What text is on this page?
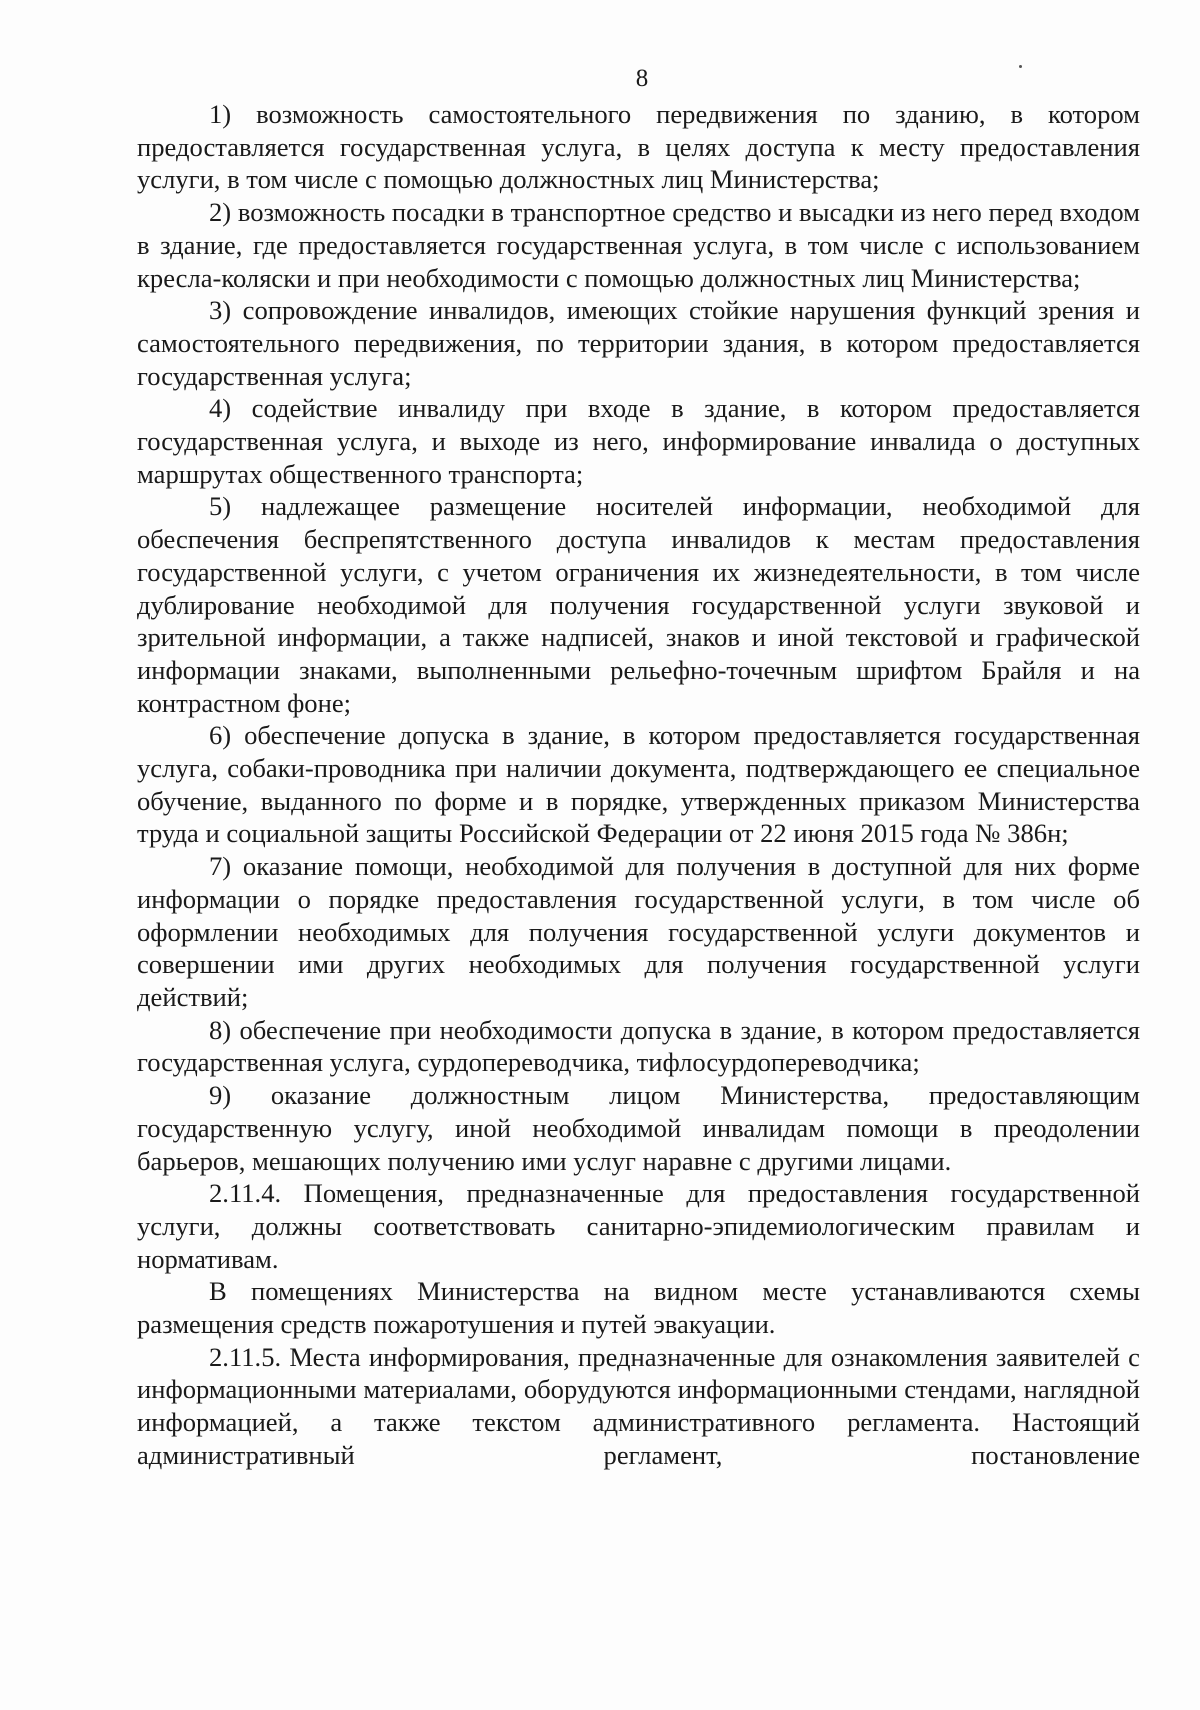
8

1) возможность самостоятельного передвижения по зданию, в котором предоставляется государственная услуга, в целях доступа к месту предоставления услуги, в том числе с помощью должностных лиц Министерства;

2) возможность посадки в транспортное средство и высадки из него перед входом в здание, где предоставляется государственная услуга, в том числе с использованием кресла-коляски и при необходимости с помощью должностных лиц Министерства;

3) сопровождение инвалидов, имеющих стойкие нарушения функций зрения и самостоятельного передвижения, по территории здания, в котором предоставляется государственная услуга;

4) содействие инвалиду при входе в здание, в котором предоставляется государственная услуга, и выходе из него, информирование инвалида о доступных маршрутах общественного транспорта;

5) надлежащее размещение носителей информации, необходимой для обеспечения беспрепятственного доступа инвалидов к местам предоставления государственной услуги, с учетом ограничения их жизнедеятельности, в том числе дублирование необходимой для получения государственной услуги звуковой и зрительной информации, а также надписей, знаков и иной текстовой и графической информации знаками, выполненными рельефно-точечным шрифтом Брайля и на контрастном фоне;

6) обеспечение допуска в здание, в котором предоставляется государственная услуга, собаки-проводника при наличии документа, подтверждающего ее специальное обучение, выданного по форме и в порядке, утвержденных приказом Министерства труда и социальной защиты Российской Федерации от 22 июня 2015 года № 386н;

7) оказание помощи, необходимой для получения в доступной для них форме информации о порядке предоставления государственной услуги, в том числе об оформлении необходимых для получения государственной услуги документов и совершении ими других необходимых для получения государственной услуги действий;

8) обеспечение при необходимости допуска в здание, в котором предоставляется государственная услуга, сурдопереводчика, тифлосурдопереводчика;

9) оказание должностным лицом Министерства, предоставляющим государственную услугу, иной необходимой инвалидам помощи в преодолении барьеров, мешающих получению ими услуг наравне с другими лицами.

2.11.4. Помещения, предназначенные для предоставления государственной услуги, должны соответствовать санитарно-эпидемиологическим правилам и нормативам.

В помещениях Министерства на видном месте устанавливаются схемы размещения средств пожаротушения и путей эвакуации.

2.11.5. Места информирования, предназначенные для ознакомления заявителей с информационными материалами, оборудуются информационными стендами, наглядной информацией, а также текстом административного регламента. Настоящий административный регламент, постановление
